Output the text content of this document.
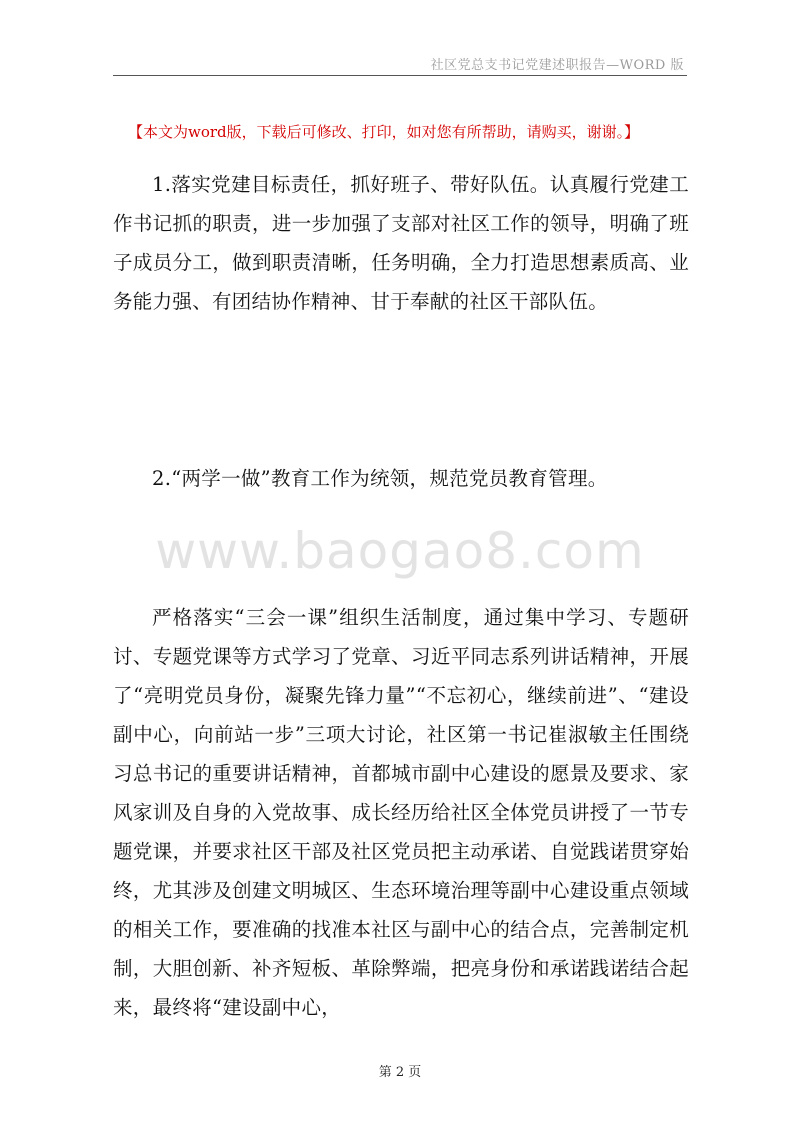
社区党总支书记党建述职报告—WORD 版
【本文为word版，下载后可修改、打印，如对您有所帮助，请购买，谢谢。】

1.落实党建目标责任，抓好班子、带好队伍。认真履行党建工作书记抓的职责，进一步加强了支部对社区工作的领导，明确了班子成员分工，做到职责清晰，任务明确，全力打造思想素质高、业务能力强、有团结协作精神、甘于奉献的社区干部队伍。

2.“两学一做”教育工作为统领，规范党员教育管理。

www.baogao8.com

严格落实“三会一课”组织生活制度，通过集中学习、专题研讨、专题党课等方式学习了党章、习近平同志系列讲话精神，开展了“亮明党员身份，凝聚先锋力量”“不忘初心，继续前进”、“建设副中心，向前站一步”三项大讨论，社区第一书记崔淑敏主任围绕习总书记的重要讲话精神，首都城市副中心建设的愿景及要求、家风家训及自身的入党故事、成长经历给社区全体党员讲授了一节专题党课，并要求社区干部及社区党员把主动承诺、自觉践诺贯穿始终，尤其涉及创建文明城区、生态环境治理等副中心建设重点领域的相关工作，要准确的找准本社区与副中心的结合点，完善制定机制，大胆创新、补齐短板、革除弊端，把亮身份和承诺践诺结合起来，最终将“建设副中心，

第 2 页
